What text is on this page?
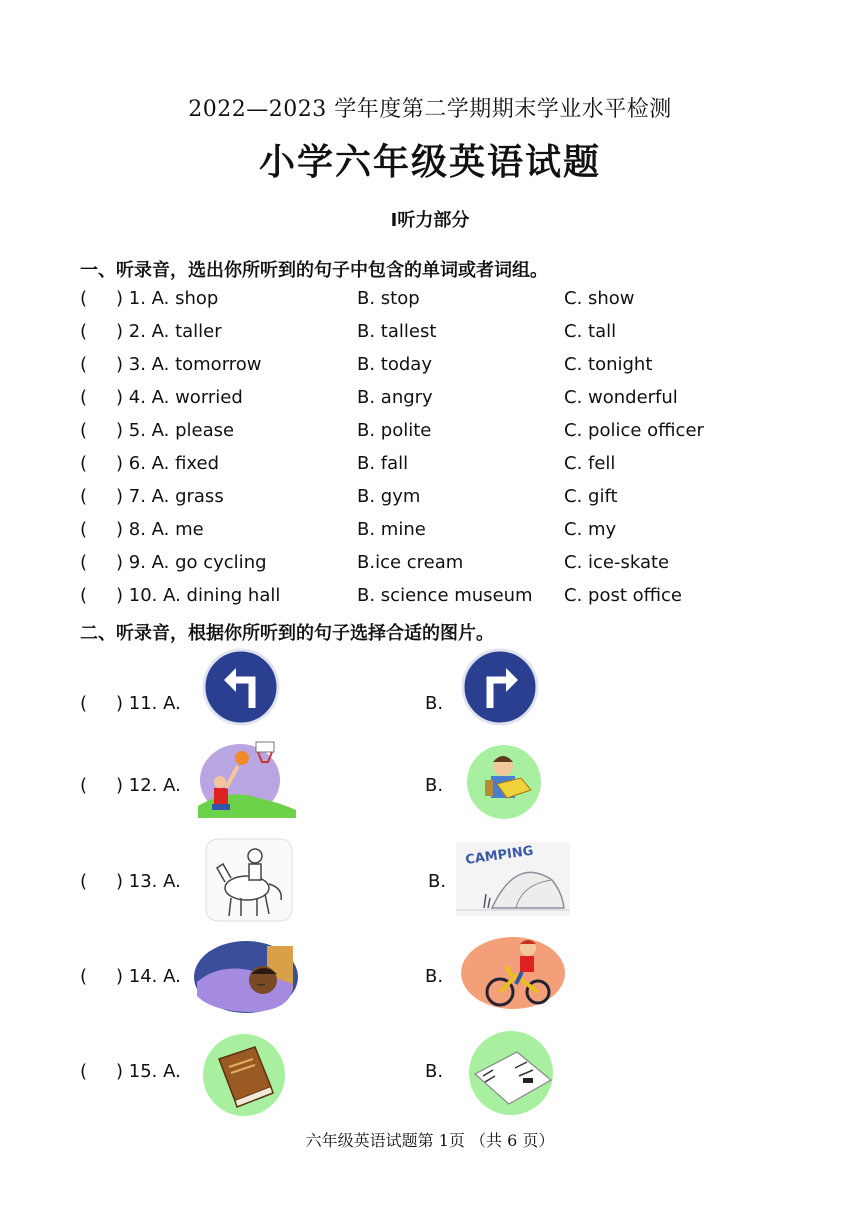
2022—2023 学年度第二学期期末学业水平检测
小学六年级英语试题
Ⅰ听力部分
一、听录音，选出你所听到的句子中包含的单词或者词组。
( ) 1. A. shop	B. stop	C. show
( ) 2. A. taller	B. tallest	C. tall
( ) 3. A. tomorrow	B. today	C. tonight
( ) 4. A. worried	B. angry	C. wonderful
( ) 5. A. please	B. polite	C. police officer
( ) 6. A. fixed	B. fall	C. fell
( ) 7. A. grass	B. gym	C. gift
( ) 8. A. me	B. mine	C. my
( ) 9. A. go cycling	B.ice cream	C. ice-skate
( ) 10. A. dining hall	B. science museum C. post office
二、听录音，根据你所听到的句子选择合适的图片。
( ) 11. A.	B.
( ) 12. A.	B.
( ) 13. A.	B.
CAMPING
( ) 14. A.	B.
( ) 15. A.	B.
六年级英语试题第 1页 （共 6 页）
